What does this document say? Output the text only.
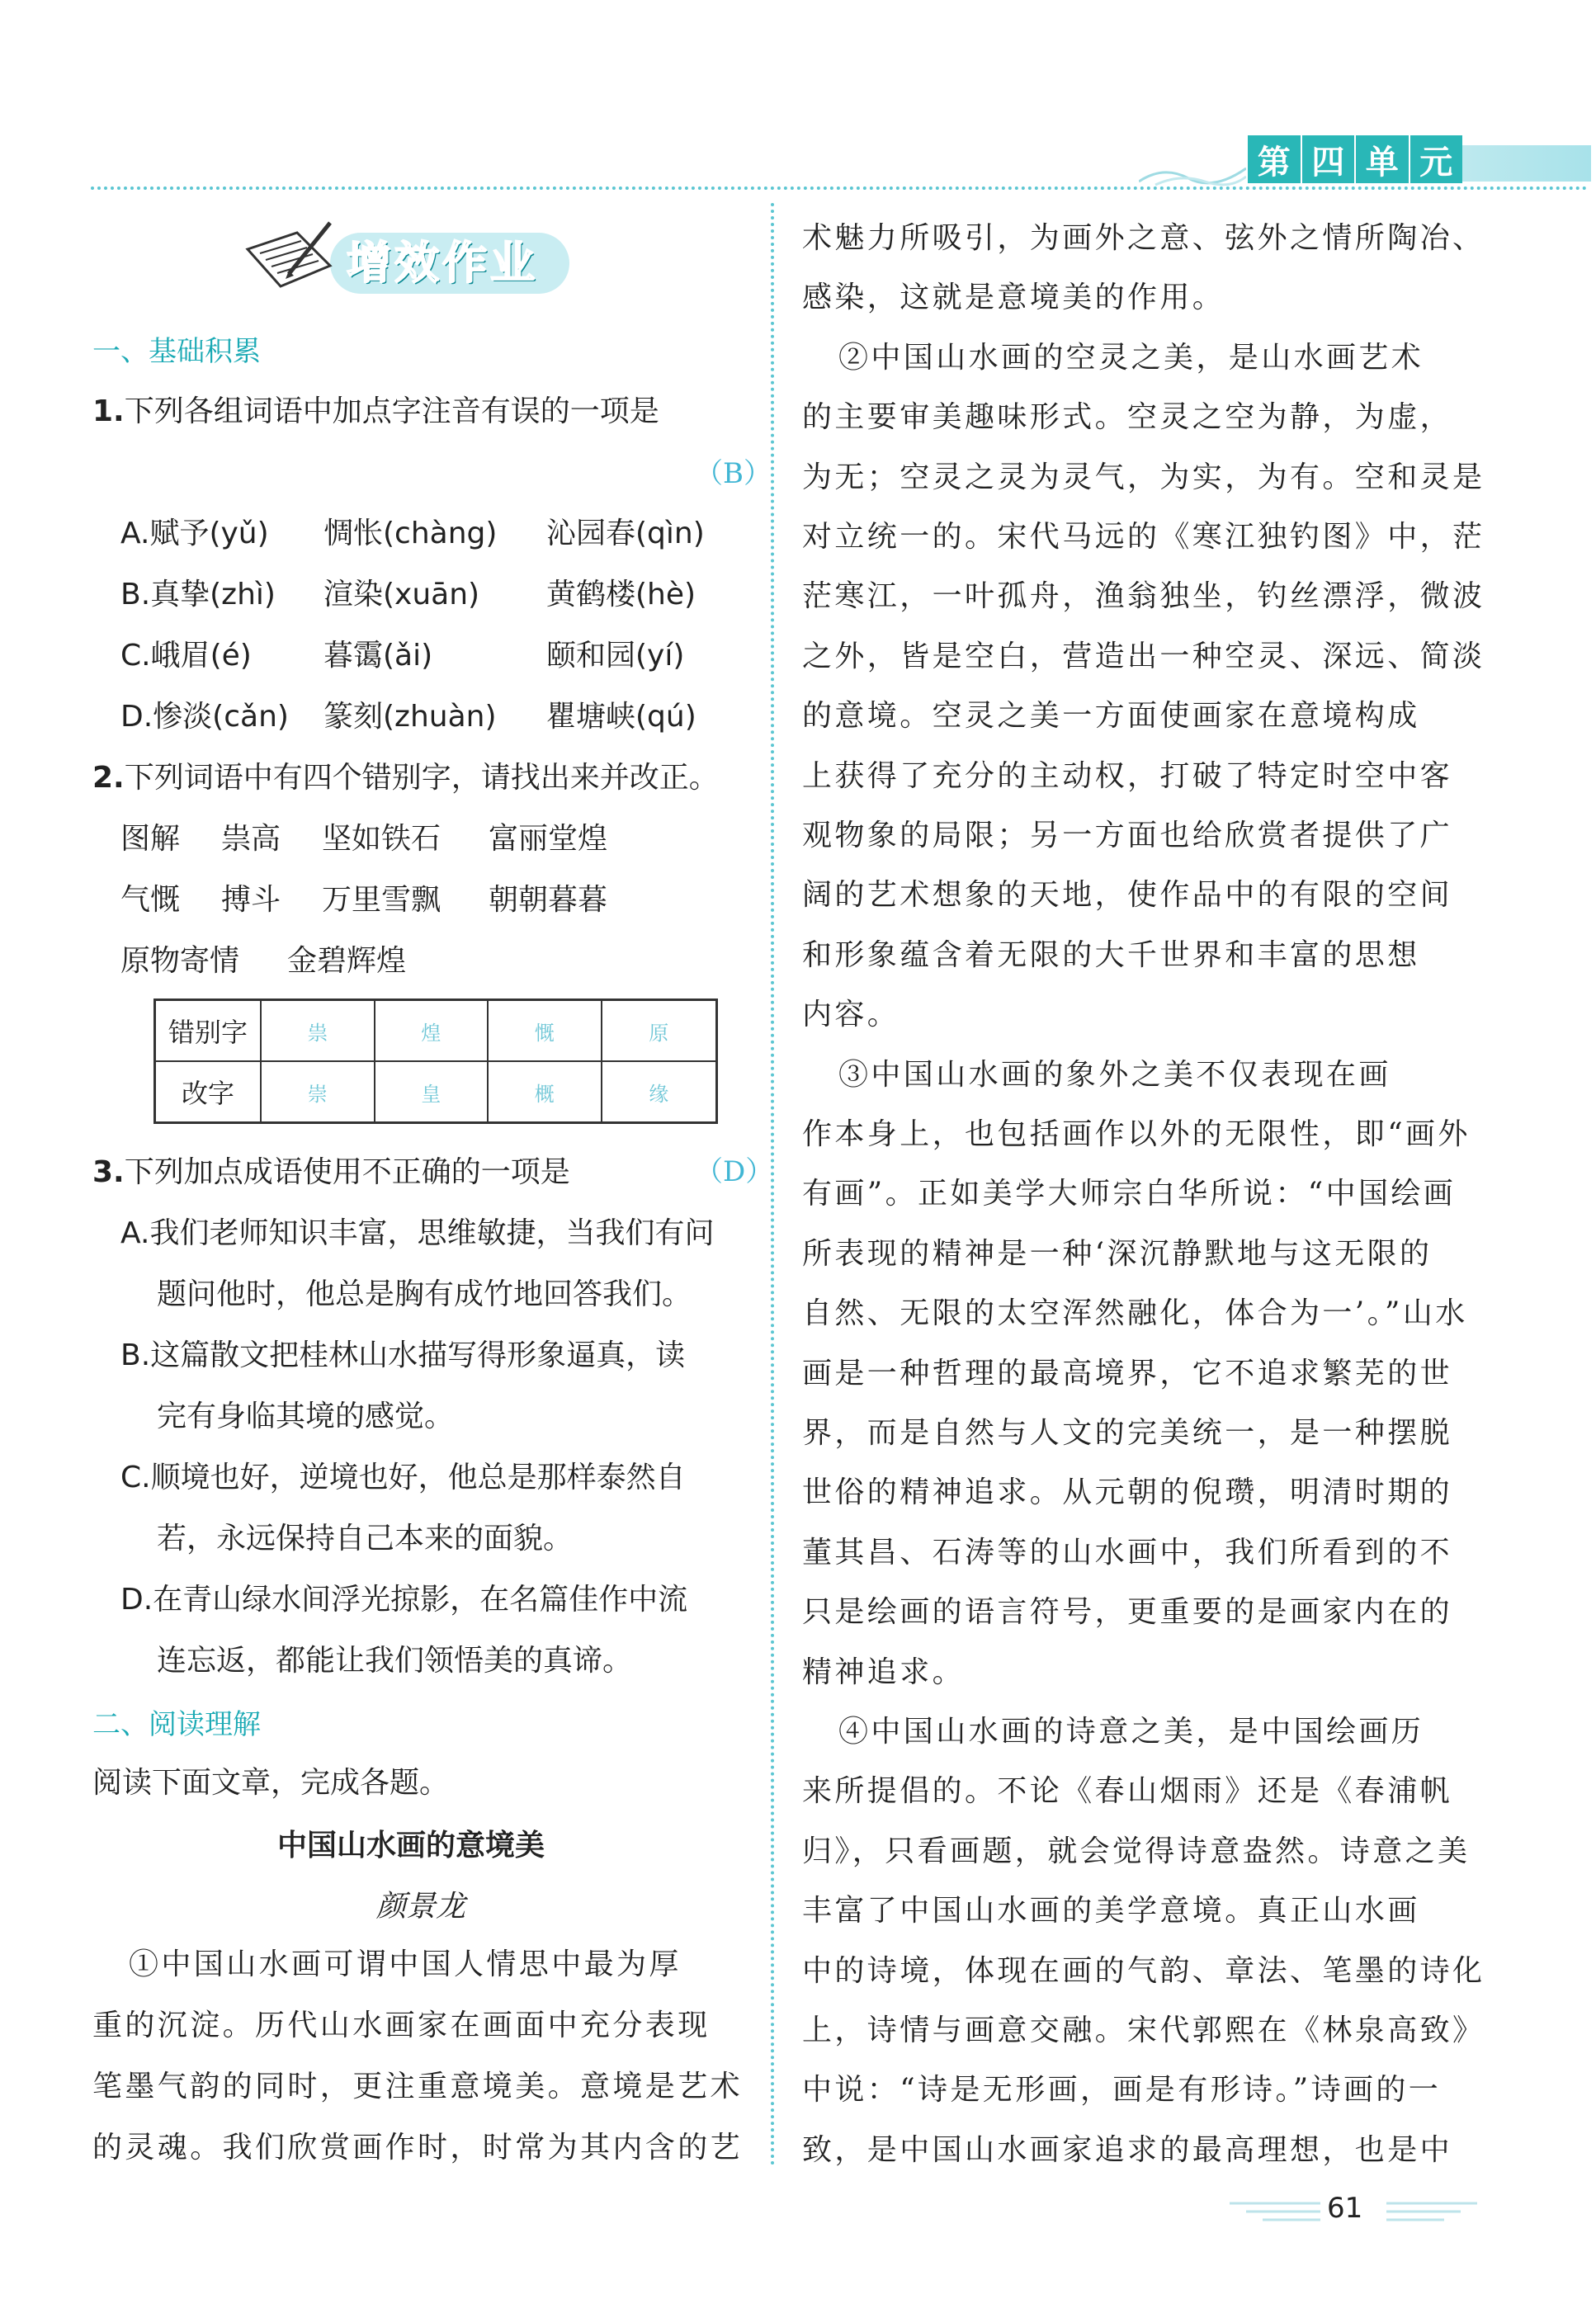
第 四 单 元
增 效 作 业
一、基础积累
1.下列各组词语中加点字注音有误的一项是
（B）
A.赋予(yǔ) 惆怅(chàng) 沁园春(qìn)
B.真挚(zhì) 渲染(xuān) 黄鹤楼(hè)
C.峨眉(é) 暮霭(ǎi)	颐和园(yí)
D.惨淡(cǎn) 篆刻(zhuàn) 瞿塘峡(qú)
2.下列词语中有四个错别字，请找出来并改正。
图解 祟高 坚如铁石 富丽堂煌
气慨 搏斗 万里雪飘 朝朝暮暮
原物寄情 金碧辉煌
错别字	祟	煌	慨	原
改字	崇	皇	概	缘
3.下列加点成语使用不正确的一项是	（D）
A.我们老师知识丰富，思维敏捷，当我们有问
题问他时，他总是胸有成竹地回答我们。
B.这篇散文把桂林山水描写得形象逼真，读
完有身临其境的感觉。
C.顺境也好，逆境也好，他总是那样泰然自
若，永远保持自己本来的面貌。
D.在青山绿水间浮光掠影，在名篇佳作中流
连忘返，都能让我们领悟美的真谛。
二、阅读理解
阅读下面文章，完成各题。
中国山水画的意境美
颜景龙
①中国山水画可谓中国人情思中最为厚
重的沉淀。历代山水画家在画面中充分表现
笔墨气韵的同时，更注重意境美。意境是艺术
的灵魂。我们欣赏画作时，时常为其内含的艺
术魅力所吸引，为画外之意、弦外之情所陶冶、
感染，这就是意境美的作用。
②中国山水画的空灵之美，是山水画艺术
的主要审美趣味形式。空灵之空为静，为虚，
为无；空灵之灵为灵气，为实，为有。空和灵是
对立统一的。宋代马远的《寒江独钓图》中，茫
茫寒江，一叶孤舟，渔翁独坐，钓丝漂浮，微波
之外，皆是空白，营造出一种空灵、深远、简淡
的意境。空灵之美一方面使画家在意境构成
上获得了充分的主动权，打破了特定时空中客
观物象的局限；另一方面也给欣赏者提供了广
阔的艺术想象的天地，使作品中的有限的空间
和形象蕴含着无限的大千世界和丰富的思想
内容。
③中国山水画的象外之美不仅表现在画
作本身上，也包括画作以外的无限性，即“画外
有画”。正如美学大师宗白华所说：“中国绘画
所表现的精神是一种‘深沉静默地与这无限的
自然、无限的太空浑然融化，体合为一’。”山水
画是一种哲理的最高境界，它不追求繁芜的世
界，而是自然与人文的完美统一，是一种摆脱
世俗的精神追求。从元朝的倪瓒，明清时期的
董其昌、石涛等的山水画中，我们所看到的不
只是绘画的语言符号，更重要的是画家内在的
精神追求。
④中国山水画的诗意之美，是中国绘画历
来所提倡的。不论《春山烟雨》还是《春浦帆
归》，只看画题，就会觉得诗意盎然。诗意之美
丰富了中国山水画的美学意境。真正山水画
中的诗境，体现在画的气韵、章法、笔墨的诗化
上，诗情与画意交融。宋代郭熙在《林泉高致》
中说：“诗是无形画，画是有形诗。”诗画的一
致，是中国山水画家追求的最高理想，也是中
61
